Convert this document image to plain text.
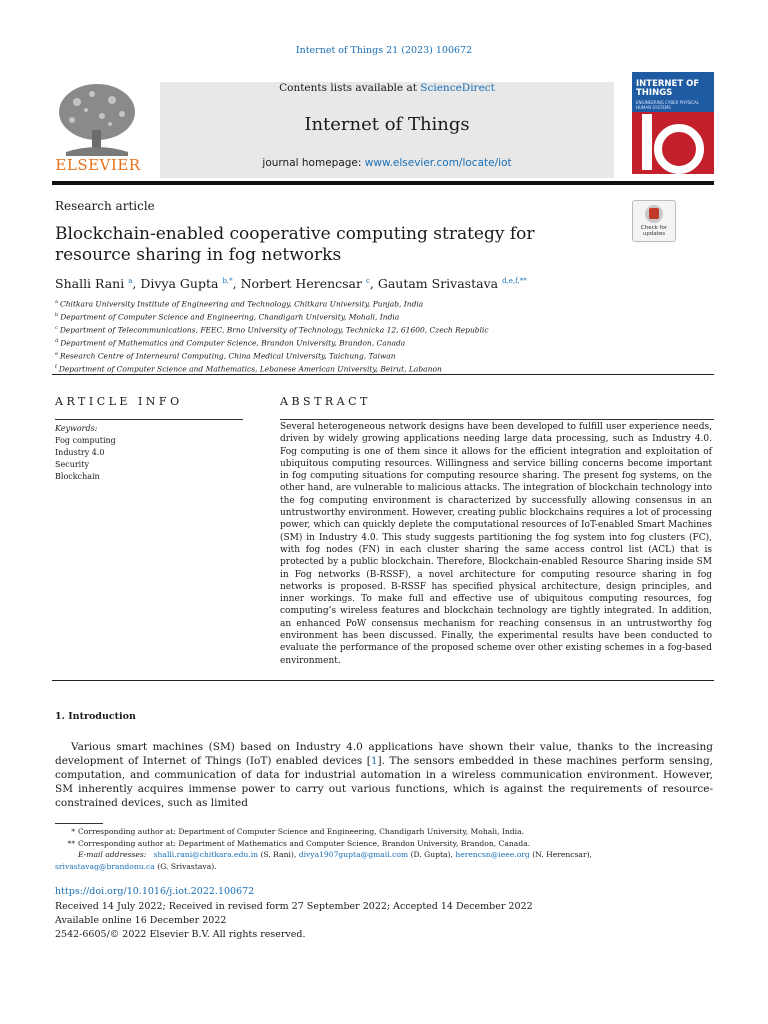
Internet of Things 21 (2023) 100672
ELSEVIER
Contents lists available at ScienceDirect
Internet of Things
journal homepage: www.elsevier.com/locate/iot
INTERNET OF THINGS
ENGINEERING CYBER PHYSICAL HUMAN SYSTEMS
Research article
Check for updates
Blockchain-enabled cooperative computing strategy for resource sharing in fog networks
Shalli Rani $^a$, Divya Gupta $^{b,*}$, Norbert Herencsar $^c$, Gautam Srivastava $^{d,e,f,**}$
$^a$ Chitkara University Institute of Engineering and Technology, Chitkara University, Punjab, India
$^b$ Department of Computer Science and Engineering, Chandigarh University, Mohali, India
$^c$ Department of Telecommunications, FEEC, Brno University of Technology, Technicka 12, 61600, Czech Republic
$^d$ Department of Mathematics and Computer Science, Brandon University, Brandon, Canada
$^e$ Research Centre of Interneural Computing, China Medical University, Taichung, Taiwan
$^f$ Department of Computer Science and Mathematics, Lebanese American University, Beirut, Labanon
ARTICLE INFO	ABSTRACT
Keywords:
Fog computing
Industry 4.0
Security
Blockchain
Several heterogeneous network designs have been developed to fulfill user experience needs, driven by widely growing applications needing large data processing, such as Industry 4.0. Fog computing is one of them since it allows for the efficient integration and exploitation of ubiquitous computing resources. Willingness and service billing concerns become important in fog computing situations for computing resource sharing. The present fog systems, on the other hand, are vulnerable to malicious attacks. The integration of blockchain technology into the fog computing environment is characterized by successfully allowing consensus in an untrustworthy environment. However, creating public blockchains requires a lot of processing power, which can quickly deplete the computational resources of IoT-enabled Smart Machines (SM) in Industry 4.0. This study suggests partitioning the fog system into fog clusters (FC), with fog nodes (FN) in each cluster sharing the same access control list (ACL) that is protected by a public blockchain. Therefore, Blockchain-enabled Resource Sharing inside SM in Fog networks (B-RSSF), a novel architecture for computing resource sharing in fog networks is proposed. B-RSSF has specified physical architecture, design principles, and inner workings. To make full and effective use of ubiquitous computing resources, fog computing’s wireless features and blockchain technology are tightly integrated. In addition, an enhanced PoW consensus mechanism for reaching consensus in an untrustworthy fog environment has been discussed. Finally, the experimental results have been conducted to evaluate the performance of the proposed scheme over other existing schemes in a fog-based environment.
1. Introduction
Various smart machines (SM) based on Industry 4.0 applications have shown their value, thanks to the increasing development of Internet of Things (IoT) enabled devices [1]. The sensors embedded in these machines perform sensing, computation, and communication of data for industrial automation in a wireless communication environment. However, SM inherently acquires immense power to carry out various functions, which is against the requirements of resource-constrained devices, such as limited
* Corresponding author at: Department of Computer Science and Engineering, Chandigarh University, Mohali, India.
** Corresponding author at: Department of Mathematics and Computer Science, Brandon University, Brandon, Canada.
E-mail addresses: shalli.rani@chitkara.edu.in (S. Rani), divya1907gupta@gmail.com (D. Gupta), herencsn@ieee.org (N. Herencsar),
srivastavag@brandonu.ca (G. Srivastava).
https://doi.org/10.1016/j.iot.2022.100672
Received 14 July 2022; Received in revised form 27 September 2022; Accepted 14 December 2022
Available online 16 December 2022
2542-6605/© 2022 Elsevier B.V. All rights reserved.
